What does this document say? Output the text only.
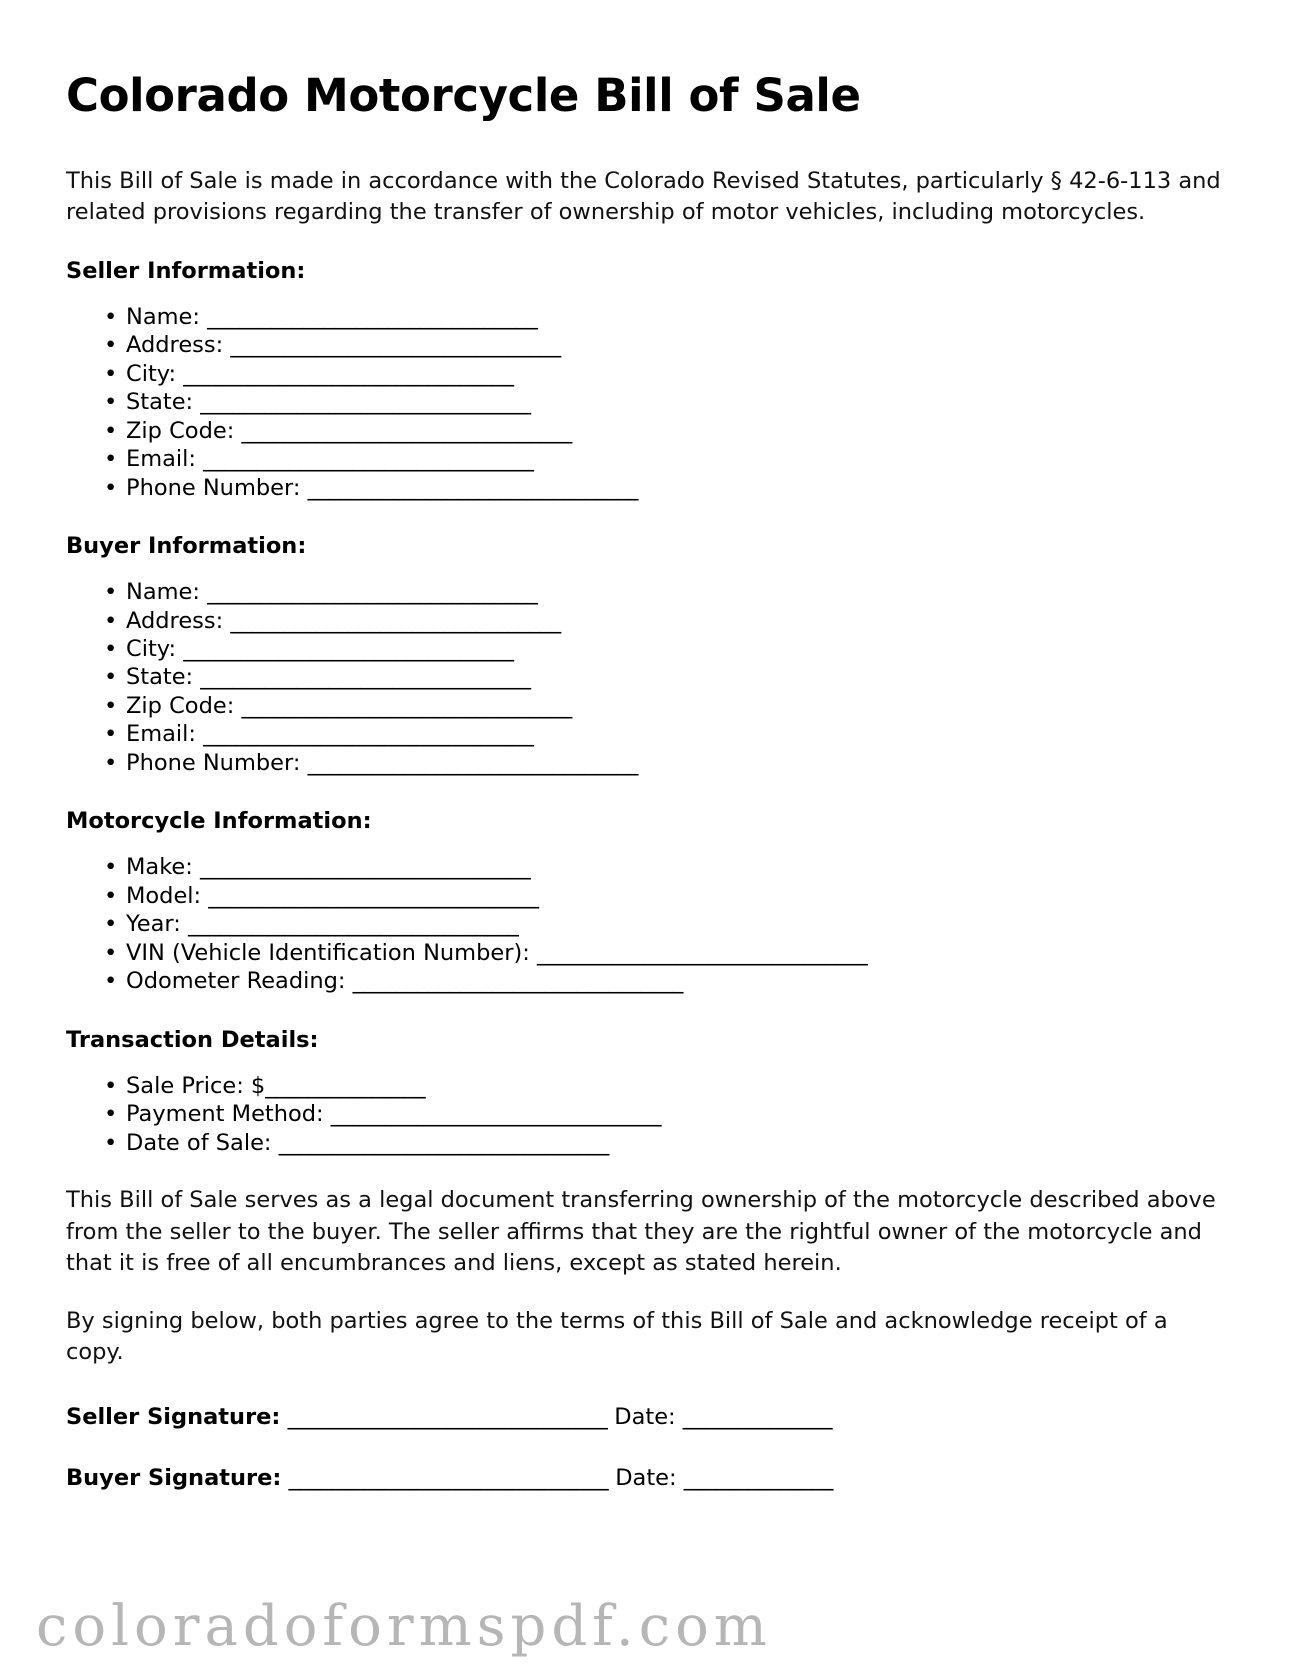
Colorado Motorcycle Bill of Sale

This Bill of Sale is made in accordance with the Colorado Revised Statutes, particularly § 42-6-113 and related provisions regarding the transfer of ownership of motor vehicles, including motorcycles.

Seller Information:
• Name: _______________________________
• Address: _______________________________
• City: _______________________________
• State: _______________________________
• Zip Code: _______________________________
• Email: _______________________________
• Phone Number: _______________________________
Buyer Information:
• Name: _______________________________
• Address: _______________________________
• City: _______________________________
• State: _______________________________
• Zip Code: _______________________________
• Email: _______________________________
• Phone Number: _______________________________
Motorcycle Information:
• Make: _______________________________
• Model: _______________________________
• Year: _______________________________
• VIN (Vehicle Identification Number): _______________________________
• Odometer Reading: _______________________________
Transaction Details:
• Sale Price: $_______________
• Payment Method: _______________________________
• Date of Sale: _______________________________

This Bill of Sale serves as a legal document transferring ownership of the motorcycle described above from the seller to the buyer. The seller affirms that they are the rightful owner of the motorcycle and that it is free of all encumbrances and liens, except as stated herein.

By signing below, both parties agree to the terms of this Bill of Sale and acknowledge receipt of a copy.

Seller Signature: ______________________________ Date: ______________
Buyer Signature: ______________________________ Date: ______________
coloradoformspdf.com
